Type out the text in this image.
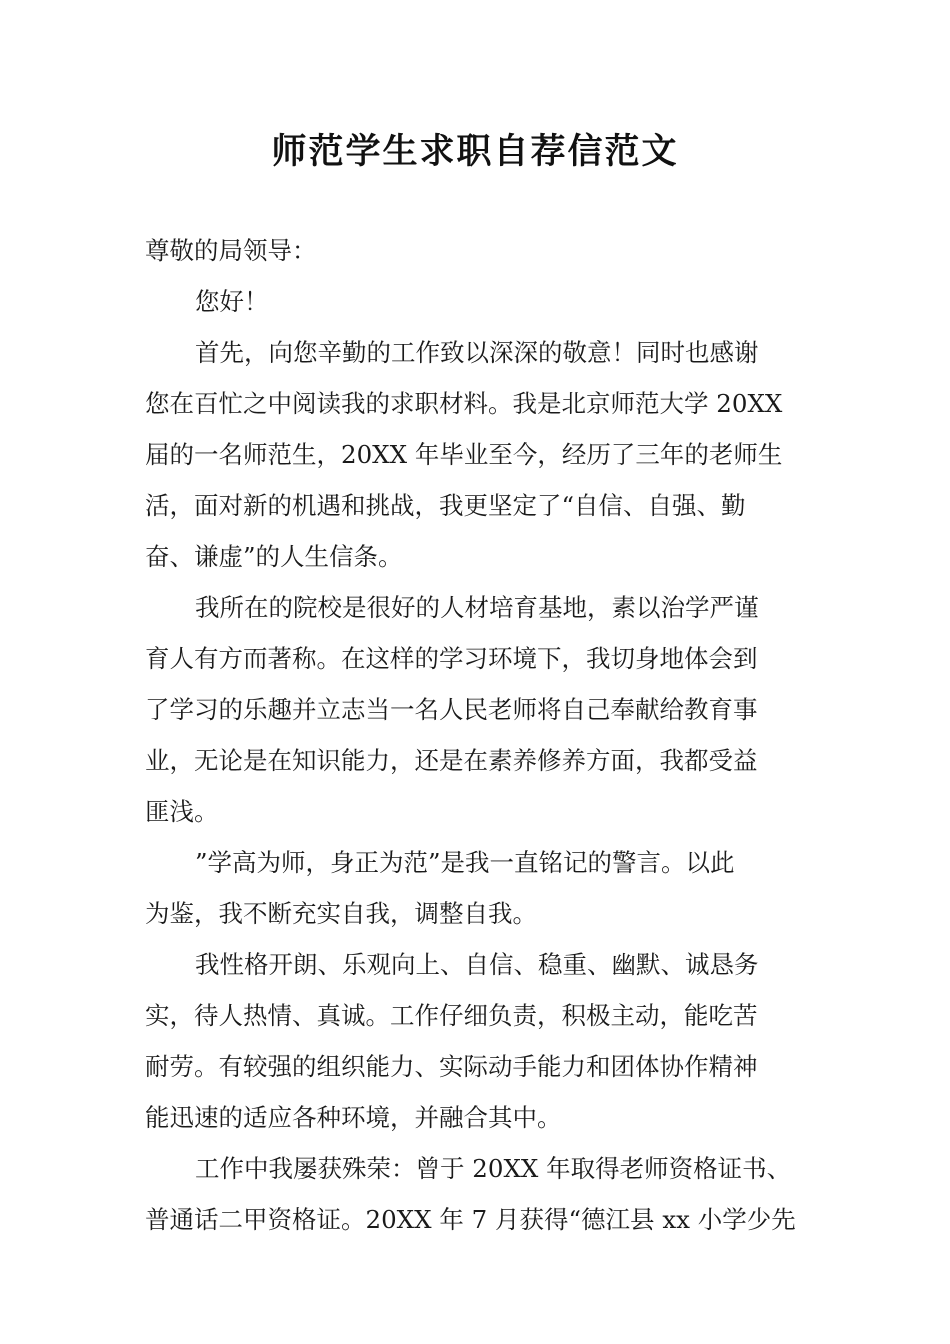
师范学生求职自荐信范文

尊敬的局领导：

您好！

首先，向您辛勤的工作致以深深的敬意！同时也感谢
您在百忙之中阅读我的求职材料。我是北京师范大学 20XX
届的一名师范生，20XX 年毕业至今，经历了三年的老师生
活，面对新的机遇和挑战，我更坚定了“自信、自强、勤
奋、谦虚”的人生信条。

我所在的院校是很好的人材培育基地，素以治学严谨
育人有方而著称。在这样的学习环境下，我切身地体会到
了学习的乐趣并立志当一名人民老师将自己奉献给教育事
业，无论是在知识能力，还是在素养修养方面，我都受益
匪浅。

”学高为师，身正为范”是我一直铭记的警言。以此
为鉴，我不断充实自我，调整自我。

我性格开朗、乐观向上、自信、稳重、幽默、诚恳务
实，待人热情、真诚。工作仔细负责，积极主动，能吃苦
耐劳。有较强的组织能力、实际动手能力和团体协作精神
能迅速的适应各种环境，并融合其中。

工作中我屡获殊荣：曾于 20XX 年取得老师资格证书、
普通话二甲资格证。20XX 年 7 月获得“德江县 xx 小学少先
